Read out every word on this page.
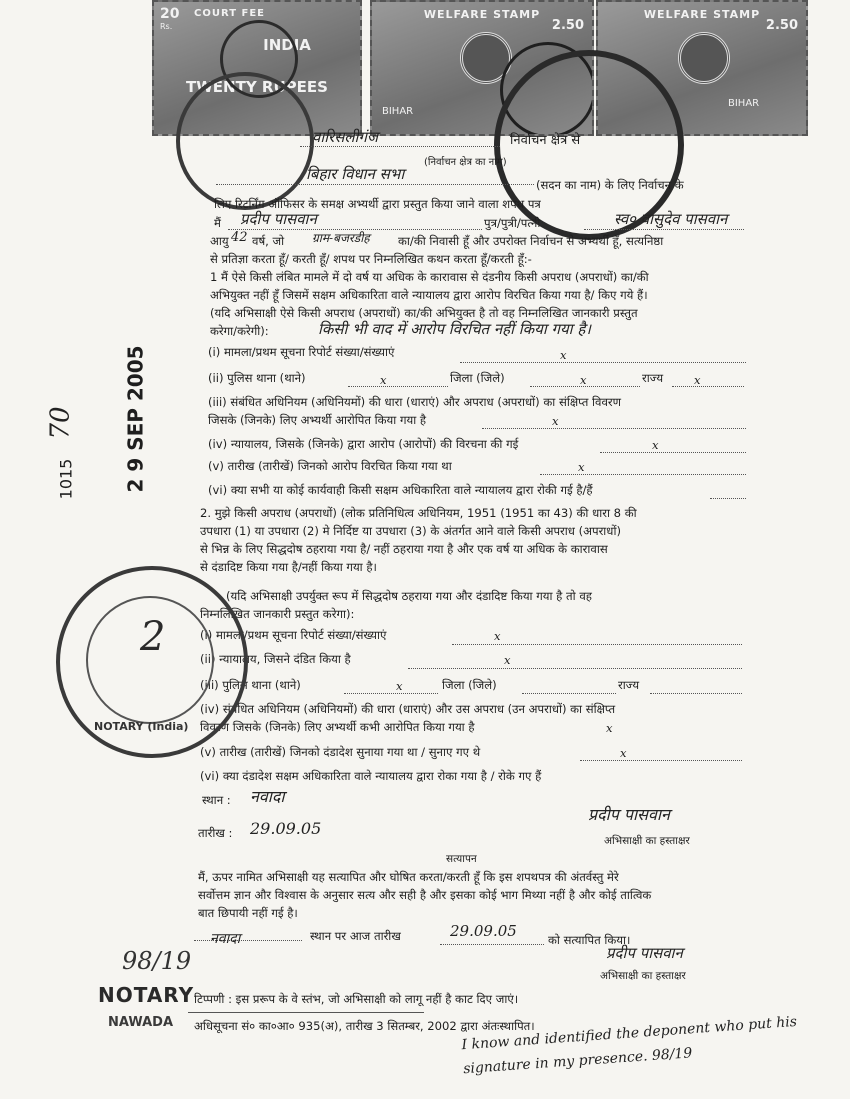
20
Rs.
COURT FEE
INDIA
TWENTY RUPEES
WELFARE STAMP
2.50
BIHAR
WELFARE STAMP
2.50
BIHAR
वारिसलीगंज	निर्वाचन क्षेत्र से
(निर्वाचन क्षेत्र का नाम)
बिहार विधान सभा
(सदन का नाम) के लिए निर्वाचन के
लिए रिटर्निंग ऑफिसर के समक्ष अभ्यर्थी द्वारा प्रस्तुत किया जाने वाला शपथ पत्र
मैं प्रदीप पासवान	पुत्र/पुत्री/पत्नी	स्व० वासुदेव पासवान
आयु 42 वर्ष, जो ग्राम-बजरडीह का/की निवासी हूँ और उपरोक्त निर्वाचन से अभ्यर्थी हूँ, सत्यनिष्ठा
से प्रतिज्ञा करता हूँ/ करती हूँ/ शपथ पर निम्नलिखित कथन करता हूँ/करती हूँ:-
1 मैं ऐसे किसी लंबित मामले में दो वर्ष या अधिक के कारावास से दंडनीय किसी अपराध (अपराधों) का/की
अभियुक्त नहीं हूँ जिसमें सक्षम अधिकारिता वाले न्यायालय द्वारा आरोप विरचित किया गया है/ किए गये हैं।
(यदि अभिसाक्षी ऐसे किसी अपराध (अपराधों) का/की अभियुक्त है तो वह निम्नलिखित जानकारी प्रस्तुत
करेगा/करेगी):	किसी भी वाद में आरोप विरचित नहीं किया गया है।
(i) मामला/प्रथम सूचना रिपोर्ट संख्या/संख्याएं	x
(ii) पुलिस थाना (थाने)	x	जिला (जिले)	x	राज्य	x
(iii) संबंधित अधिनियम (अधिनियमों) की धारा (धाराएं) और अपराध (अपराधों) का संक्षिप्त विवरण
जिसके (जिनके) लिए अभ्यर्थी आरोपित किया गया है	x
(iv) न्यायालय, जिसके (जिनके) द्वारा आरोप (आरोपों) की विरचना की गई	x
(v) तारीख (तारीखें) जिनको आरोप विरचित किया गया था	x
(vi) क्या सभी या कोई कार्यवाही किसी सक्षम अधिकारिता वाले न्यायालय द्वारा रोकी गई है/हैं
2. मुझे किसी अपराध (अपराधों) (लोक प्रतिनिधित्व अधिनियम, 1951 (1951 का 43) की धारा 8 की
उपधारा (1) या उपधारा (2) मे निर्दिष्ट या उपधारा (3) के अंतर्गत आने वाले किसी अपराध (अपराधों)
से भिन्न के लिए सिद्धदोष ठहराया गया है/ नहीं ठहराया गया है और एक वर्ष या अधिक के कारावास
से दंडादिष्ट किया गया है/नहीं किया गया है।
(यदि अभिसाक्षी उपर्युक्त रूप में सिद्धदोष ठहराया गया और दंडादिष्ट किया गया है तो वह
निम्नलिखित जानकारी प्रस्तुत करेगा):
(i) मामला/प्रथम सूचना रिपोर्ट संख्या/संख्याएं	x
(ii) न्यायालय, जिसने दंडित किया है	x
(iii) पुलिस थाना (थाने)	x	जिला (जिले)	राज्य
(iv) संबंधित अधिनियम (अधिनियमों) की धारा (धाराएं) और उस अपराध (उन अपराधों) का संक्षिप्त
विवरण जिसके (जिनके) लिए अभ्यर्थी कभी आरोपित किया गया है	x
(v) तारीख (तारीखें) जिनको दंडादेश सुनाया गया था / सुनाए गए थे	x
(vi) क्या दंडादेश सक्षम अधिकारिता वाले न्यायालय द्वारा रोका गया है / रोके गए हैं
स्थान : नवादा
प्रदीप पासवान
अभिसाक्षी का हस्ताक्षर
तारीख : 29.09.05
सत्यापन
मैं, ऊपर नामित अभिसाक्षी यह सत्यापित और घोषित करता/करती हूँ कि इस शपथपत्र की अंतर्वस्तु मेरे
सर्वोत्तम ज्ञान और विश्वास के अनुसार सत्य और सही है और इसका कोई भाग मिथ्या नहीं है और कोई तात्विक
बात छिपायी नहीं गई है।
नवादा	स्थान पर आज तारीख	29.09.05	को सत्यापित किया।
प्रदीप पासवान
अभिसाक्षी का हस्ताक्षर
टिप्पणी : इस प्ररूप के वे स्तंभ, जो अभिसाक्षी को लागू नहीं है काट दिए जाएं।
अधिसूचना सं० का०आ० 935(अ), तारीख 3 सितम्बर, 2002 द्वारा अंतःस्थापित।
NOTARY
NAWADA
98/19
70
1015 2 9 SEP 2005
NOTARY (India)
2
I know and identified the deponent who put his signature in my presence. 98/19
